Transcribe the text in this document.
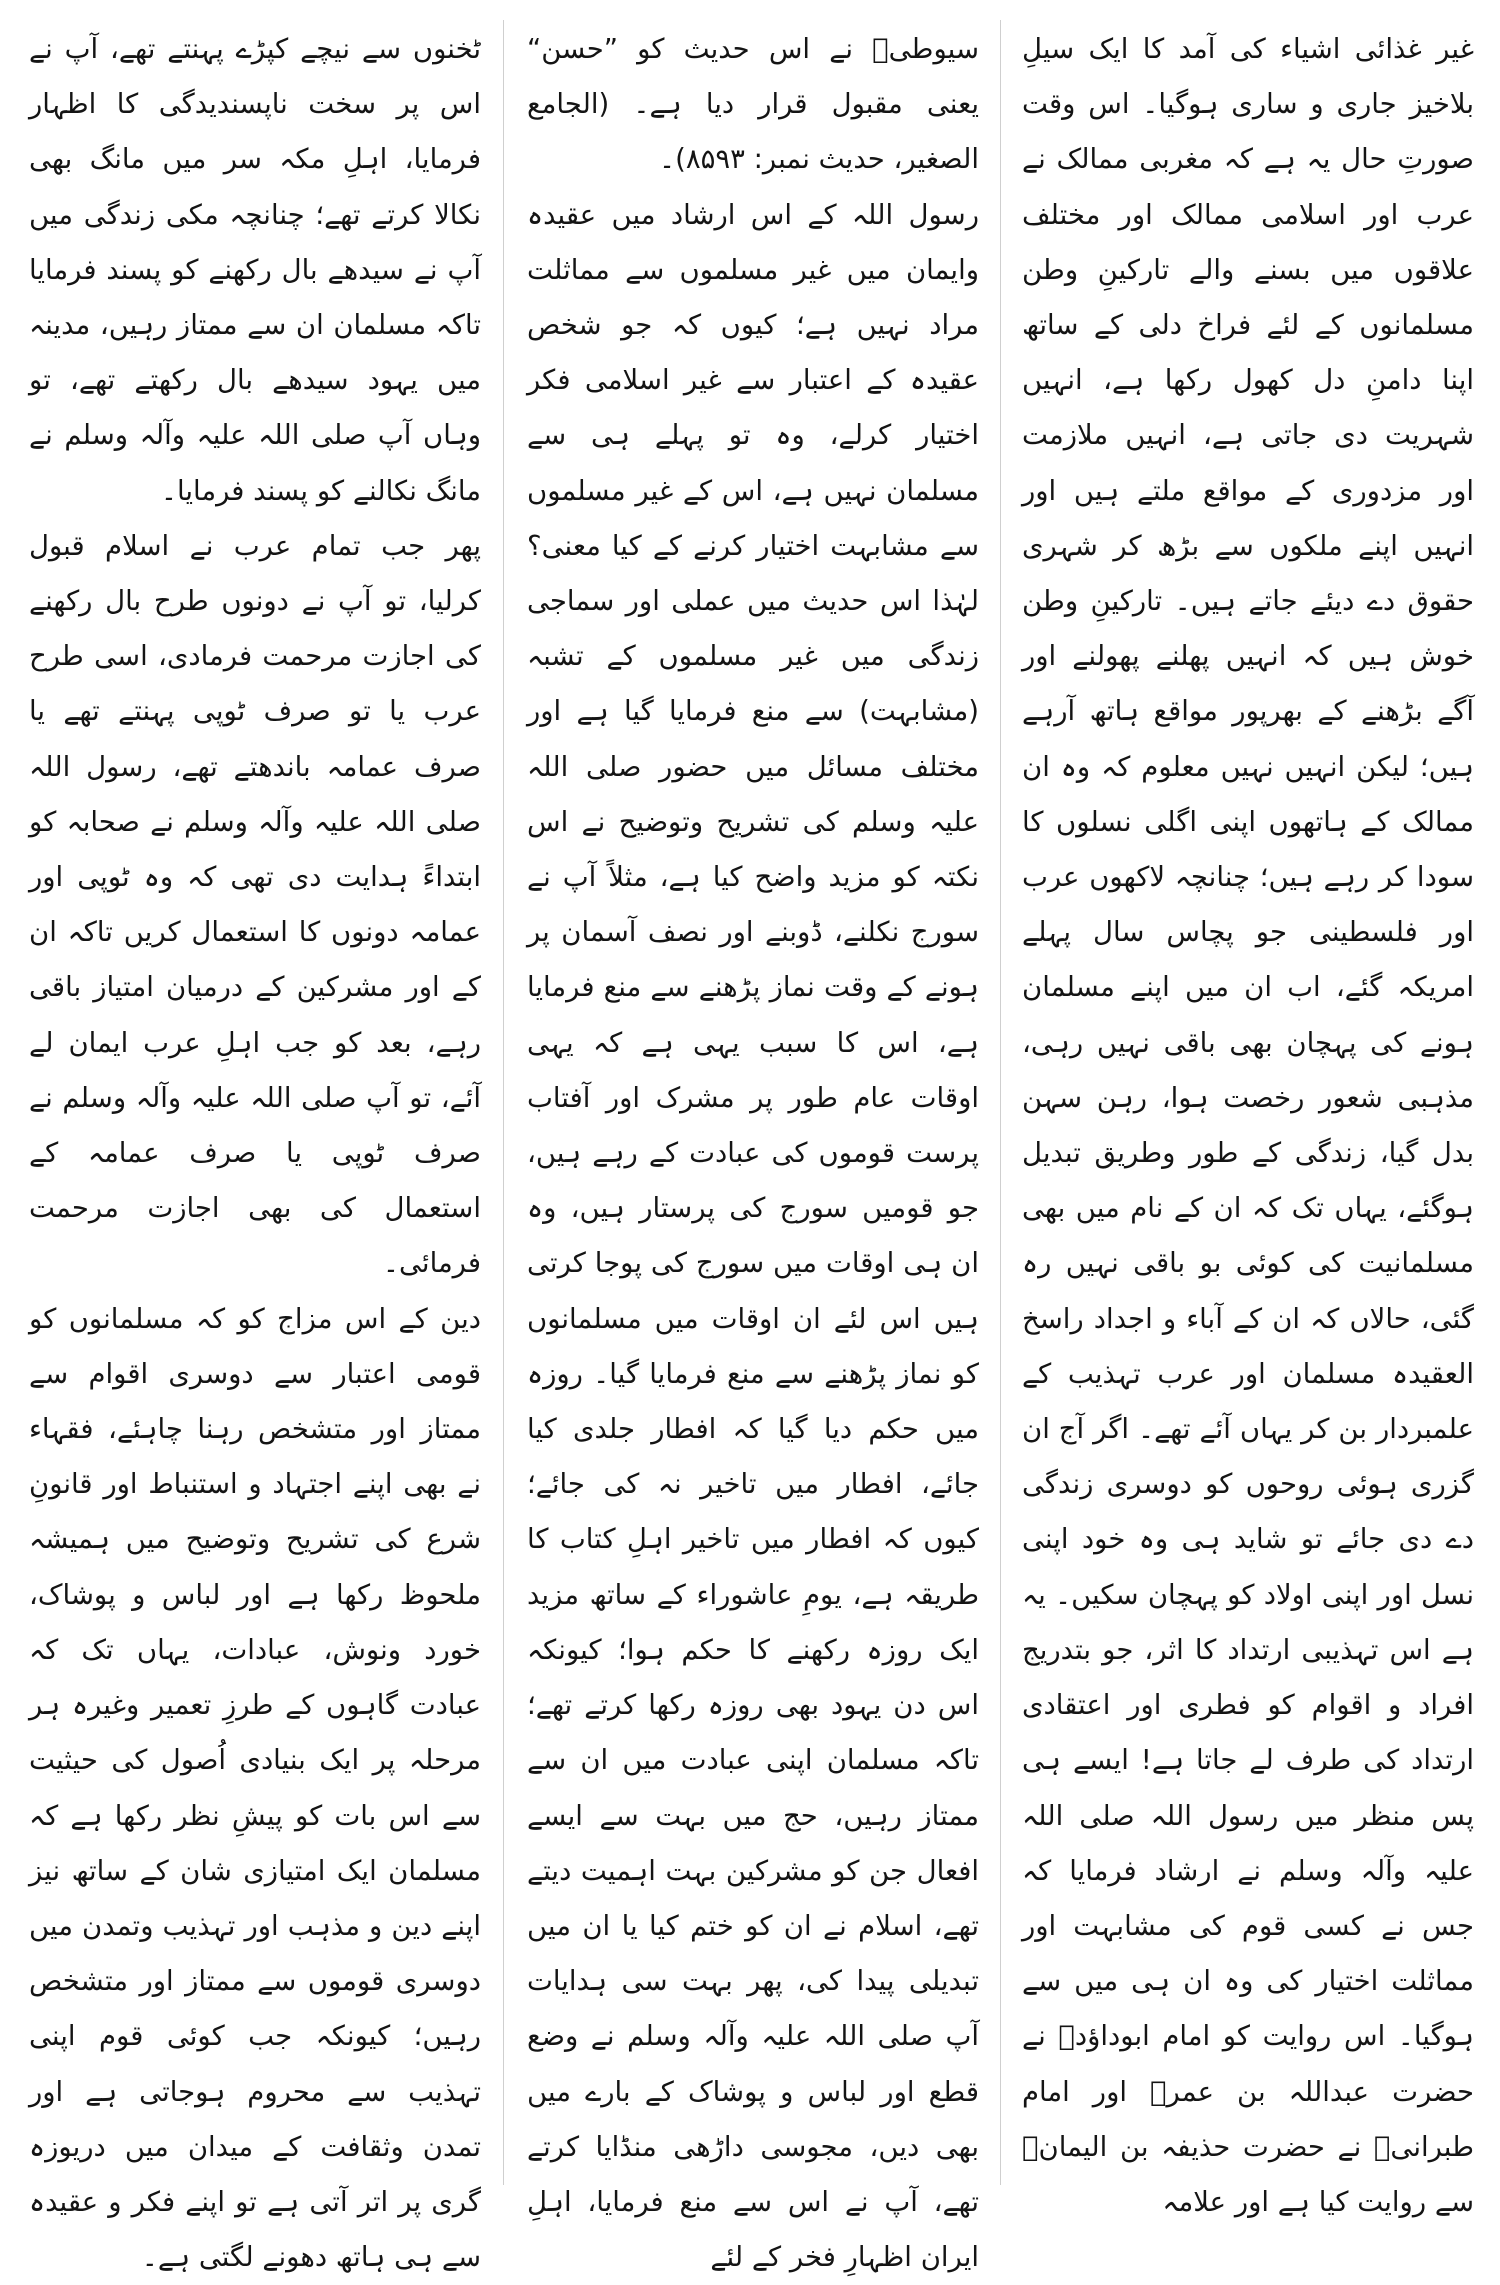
غیر غذائی اشیاء کی آمد کا ایک سیلِ بلاخیز جاری و ساری ہوگیا۔ اس وقت صورتِ حال یہ ہے کہ مغربی ممالک نے عرب اور اسلامی ممالک اور مختلف علاقوں میں بسنے والے تارکینِ وطن مسلمانوں کے لئے فراخ دلی کے ساتھ اپنا دامنِ دل کھول رکھا ہے، انہیں شہریت دی جاتی ہے، انہیں ملازمت اور مزدوری کے مواقع ملتے ہیں اور انہیں اپنے ملکوں سے بڑھ کر شہری حقوق دے دیئے جاتے ہیں۔ تارکینِ وطن خوش ہیں کہ انہیں پھلنے پھولنے اور آگے بڑھنے کے بھرپور مواقع ہاتھ آرہے ہیں؛ لیکن انہیں نہیں معلوم کہ وہ ان ممالک کے ہاتھوں اپنی اگلی نسلوں کا سودا کر رہے ہیں؛ چنانچہ لاکھوں عرب اور فلسطینی جو پچاس سال پہلے امریکہ گئے، اب ان میں اپنے مسلمان ہونے کی پہچان بھی باقی نہیں رہی، مذہبی شعور رخصت ہوا، رہن سہن بدل گیا، زندگی کے طور وطریق تبدیل ہوگئے، یہاں تک کہ ان کے نام میں بھی مسلمانیت کی کوئی بو باقی نہیں رہ گئی، حالاں کہ ان کے آباء و اجداد راسخ العقیدہ مسلمان اور عرب تہذیب کے علمبردار بن کر یہاں آئے تھے۔ اگر آج ان گزری ہوئی روحوں کو دوسری زندگی دے دی جائے تو شاید ہی وہ خود اپنی نسل اور اپنی اولاد کو پہچان سکیں۔ یہ ہے اس تہذیبی ارتداد کا اثر، جو بتدریج افراد و اقوام کو فطری اور اعتقادی ارتداد کی طرف لے جاتا ہے! ایسے ہی پس منظر میں رسول اللہ صلی اللہ علیہ وآلہ وسلم نے ارشاد فرمایا کہ جس نے کسی قوم کی مشابہت اور مماثلت اختیار کی وہ ان ہی میں سے ہوگیا۔ اس روایت کو امام ابوداؤدؒ نے حضرت عبداللہ بن عمرؓ اور امام طبرانیؒ نے حضرت حذیفہ بن الیمانؓ سے روایت کیا ہے اور علامہ

سیوطیؒ نے اس حدیث کو ”حسن“ یعنی مقبول قرار دیا ہے۔ (الجامع الصغیر، حدیث نمبر: ۸۵۹۳)۔

رسول اللہ کے اس ارشاد میں عقیدہ وایمان میں غیر مسلموں سے مماثلت مراد نہیں ہے؛ کیوں کہ جو شخص عقیدہ کے اعتبار سے غیر اسلامی فکر اختیار کرلے، وہ تو پہلے ہی سے مسلمان نہیں ہے، اس کے غیر مسلموں سے مشابہت اختیار کرنے کے کیا معنی؟ لہٰذا اس حدیث میں عملی اور سماجی زندگی میں غیر مسلموں کے تشبہ (مشابہت) سے منع فرمایا گیا ہے اور مختلف مسائل میں حضور صلی اللہ علیہ وسلم کی تشریح وتوضیح نے اس نکتہ کو مزید واضح کیا ہے، مثلاً آپ نے سورج نکلنے، ڈوبنے اور نصف آسمان پر ہونے کے وقت نماز پڑھنے سے منع فرمایا ہے، اس کا سبب یہی ہے کہ یہی اوقات عام طور پر مشرک اور آفتاب پرست قوموں کی عبادت کے رہے ہیں، جو قومیں سورج کی پرستار ہیں، وہ ان ہی اوقات میں سورج کی پوجا کرتی ہیں اس لئے ان اوقات میں مسلمانوں کو نماز پڑھنے سے منع فرمایا گیا۔ روزہ میں حکم دیا گیا کہ افطار جلدی کیا جائے، افطار میں تاخیر نہ کی جائے؛ کیوں کہ افطار میں تاخیر اہلِ کتاب کا طریقہ ہے، یومِ عاشوراء کے ساتھ مزید ایک روزہ رکھنے کا حکم ہوا؛ کیونکہ اس دن یہود بھی روزہ رکھا کرتے تھے؛ تاکہ مسلمان اپنی عبادت میں ان سے ممتاز رہیں، حج میں بہت سے ایسے افعال جن کو مشرکین بہت اہمیت دیتے تھے، اسلام نے ان کو ختم کیا یا ان میں تبدیلی پیدا کی، پھر بہت سی ہدایات آپ صلی اللہ علیہ وآلہ وسلم نے وضع قطع اور لباس و پوشاک کے بارے میں بھی دیں، مجوسی داڑھی منڈایا کرتے تھے، آپ نے اس سے منع فرمایا، اہلِ ایران اظہارِ فخر کے لئے

ٹخنوں سے نیچے کپڑے پہنتے تھے، آپ نے اس پر سخت ناپسندیدگی کا اظہار فرمایا، اہلِ مکہ سر میں مانگ بھی نکالا کرتے تھے؛ چنانچہ مکی زندگی میں آپ نے سیدھے بال رکھنے کو پسند فرمایا تاکہ مسلمان ان سے ممتاز رہیں، مدینہ میں یہود سیدھے بال رکھتے تھے، تو وہاں آپ صلی اللہ علیہ وآلہ وسلم نے مانگ نکالنے کو پسند فرمایا۔

پھر جب تمام عرب نے اسلام قبول کرلیا، تو آپ نے دونوں طرح بال رکھنے کی اجازت مرحمت فرمادی، اسی طرح عرب یا تو صرف ٹوپی پہنتے تھے یا صرف عمامہ باندھتے تھے، رسول اللہ صلی اللہ علیہ وآلہ وسلم نے صحابہ کو ابتداءً ہدایت دی تھی کہ وہ ٹوپی اور عمامہ دونوں کا استعمال کریں تاکہ ان کے اور مشرکین کے درمیان امتیاز باقی رہے، بعد کو جب اہلِ عرب ایمان لے آئے، تو آپ صلی اللہ علیہ وآلہ وسلم نے صرف ٹوپی یا صرف عمامہ کے استعمال کی بھی اجازت مرحمت فرمائی۔

دین کے اس مزاج کو کہ مسلمانوں کو قومی اعتبار سے دوسری اقوام سے ممتاز اور متشخص رہنا چاہئے، فقہاء نے بھی اپنے اجتہاد و استنباط اور قانونِ شرع کی تشریح وتوضیح میں ہمیشہ ملحوظ رکھا ہے اور لباس و پوشاک، خورد ونوش، عبادات، یہاں تک کہ عبادت گاہوں کے طرزِ تعمیر وغیرہ ہر مرحلہ پر ایک بنیادی اُصول کی حیثیت سے اس بات کو پیشِ نظر رکھا ہے کہ مسلمان ایک امتیازی شان کے ساتھ نیز اپنے دین و مذہب اور تہذیب وتمدن میں دوسری قوموں سے ممتاز اور متشخص رہیں؛ کیونکہ جب کوئی قوم اپنی تہذیب سے محروم ہوجاتی ہے اور تمدن وثقافت کے میدان میں دریوزہ گری پر اتر آتی ہے تو اپنے فکر و عقیدہ سے ہی ہاتھ دھونے لگتی ہے۔
